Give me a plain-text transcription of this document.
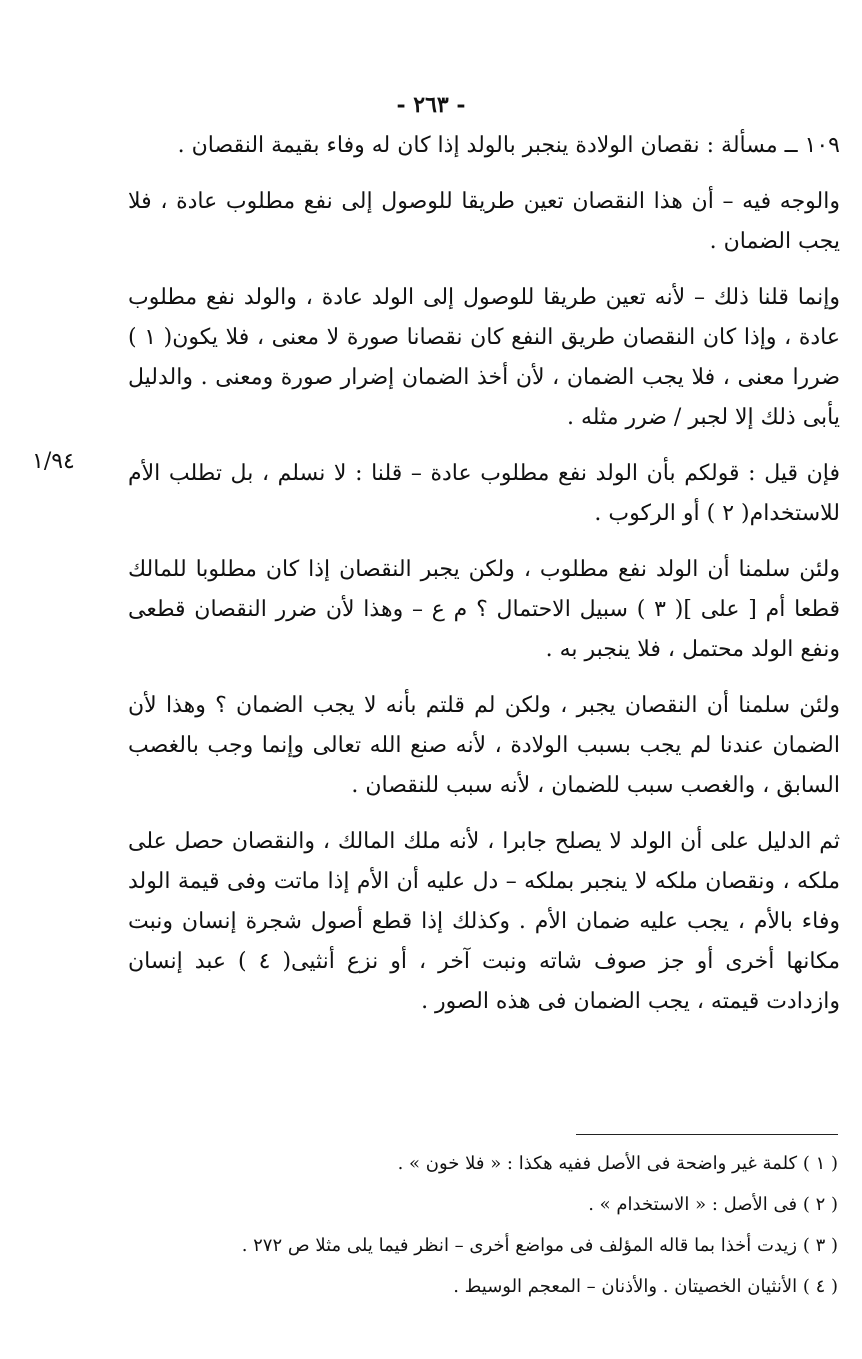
- ٢٦٣ -
١/٩٤

١٠٩ ــ مسألة : نقصان الولادة ينجبر بالولد إذا كان له وفاء بقيمة النقصان .

والوجه فيه – أن هذا النقصان تعين طريقا للوصول إلى نفع مطلوب عادة ، فلا يجب الضمان .

وإنما قلنا ذلك – لأنه تعين طريقا للوصول إلى الولد عادة ، والولد نفع مطلوب عادة ، وإذا كان النقصان طريق النفع كان نقصانا صورة لا معنى ، فلا يكون( ١ ) ضررا معنى ، فلا يجب الضمان ، لأن أخذ الضمان إضرار صورة ومعنى . والدليل يأبى ذلك إلا لجبر / ضرر مثله .

فإن قيل : قولكم بأن الولد نفع مطلوب عادة – قلنا : لا نسلم ، بل تطلب الأم للاستخدام( ٢ ) أو الركوب .

ولئن سلمنا أن الولد نفع مطلوب ، ولكن يجبر النقصان إذا كان مطلوبا للمالك قطعا أم [ على ]( ٣ ) سبيل الاحتمال ؟ م ع – وهذا لأن ضرر النقصان قطعى ونفع الولد محتمل ، فلا ينجبر به .

ولئن سلمنا أن النقصان يجبر ، ولكن لم قلتم بأنه لا يجب الضمان ؟ وهذا لأن الضمان عندنا لم يجب بسبب الولادة ، لأنه صنع الله تعالى وإنما وجب بالغصب السابق ، والغصب سبب للضمان ، لأنه سبب للنقصان .

ثم الدليل على أن الولد لا يصلح جابرا ، لأنه ملك المالك ، والنقصان حصل على ملكه ، ونقصان ملكه لا ينجبر بملكه – دل عليه أن الأم إذا ماتت وفى قيمة الولد وفاء بالأم ، يجب عليه ضمان الأم . وكذلك إذا قطع أصول شجرة إنسان ونبت مكانها أخرى أو جز صوف شاته ونبت آخر ، أو نزع أنثيى( ٤ ) عبد إنسان وازدادت قيمته ، يجب الضمان فى هذه الصور .

( ١ ) كلمة غير واضحة فى الأصل ففيه هكذا : « فلا خون » .

( ٢ ) فى الأصل : « الاستخدام » .

( ٣ ) زيدت أخذا بما قاله المؤلف فى مواضع أخرى – انظر فيما يلى مثلا ص ٢٧٢ .

( ٤ ) الأنثيان الخصيتان . والأذنان – المعجم الوسيط .
